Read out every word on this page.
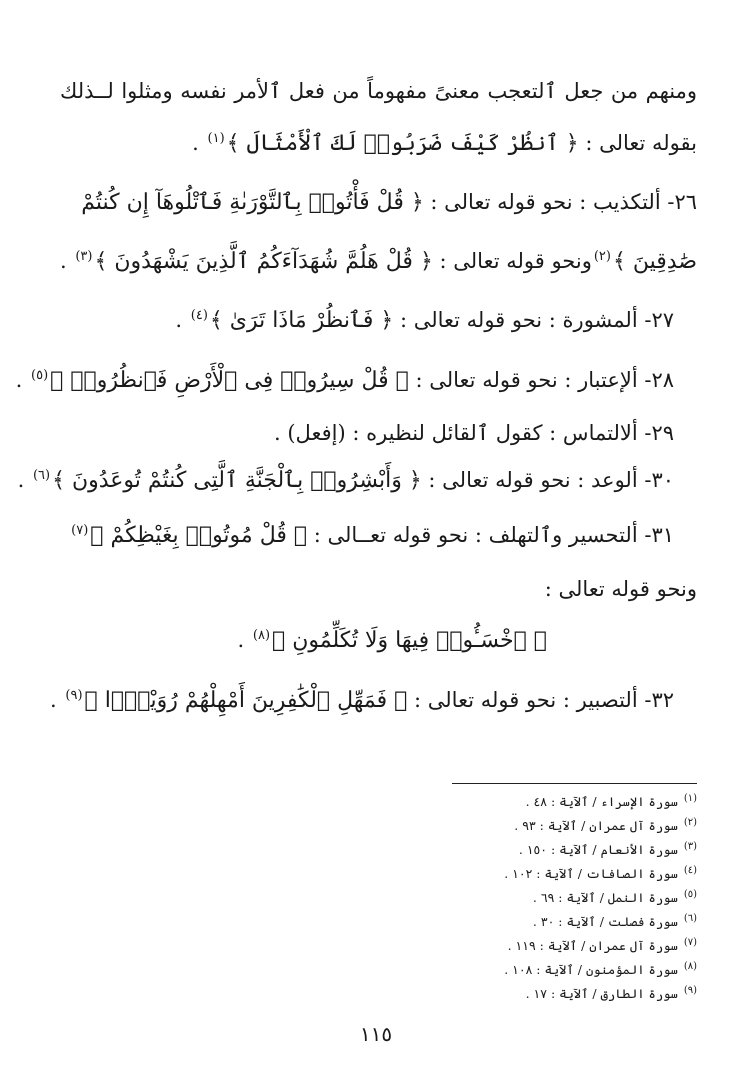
ومنهم من جعل ٱلتعجب معنىً مفهوماً من فعل ٱلأمر نفسه ومثلوا لــذلك
بقوله تعالى : ﴿ ٱنظُرْ كَيْفَ ضَرَبُوا۟ لَكَ ٱلْأَمْثَالَ ﴾$^{(١)}$ .
٢٦- ألتكذيب : نحو قوله تعالى : ﴿ قُلْ فَأْتُوا۟ بِٱلتَّوْرَىٰةِ فَٱتْلُوهَآ إِن كُنتُمْ
صَٰدِقِينَ ﴾$^{(٢)}$ونحو قوله تعالى : ﴿ قُلْ هَلُمَّ شُهَدَآءَكُمُ ٱلَّذِينَ يَشْهَدُونَ ﴾$^{(٣)}$ .
٢٧- ألمشورة : نحو قوله تعالى : ﴿ فَٱنظُرْ مَاذَا تَرَىٰ ﴾$^{(٤)}$ .
٢٨- ألإعتبار : نحو قوله تعالى : ﴿ قُلْ سِيرُوا۟ فِى ٱلْأَرْضِ فَٱنظُرُوا۟ ﴾$^{(٥)}$ .
٢٩- ألالتماس : كقول ٱلقائل لنظيره : (إفعل) .
٣٠- ألوعد : نحو قوله تعالى : ﴿ وَأَبْشِرُوا۟ بِٱلْجَنَّةِ ٱلَّتِى كُنتُمْ تُوعَدُونَ ﴾$^{(٦)}$ .
٣١- ألتحسير وٱلتهلف : نحو قوله تعــالى : ﴿ قُلْ مُوتُوا۟ بِغَيْظِكُمْ ﴾$^{(٧)}$
ونحو قوله تعالى :
﴿ ٱخْسَـُٔوا۟ فِيهَا وَلَا تُكَلِّمُونِ ﴾$^{(٨)}$ .
٣٢- ألتصبير : نحو قوله تعالى : ﴿ فَمَهِّلِ ٱلْكَٰفِرِينَ أَمْهِلْهُمْ رُوَيْدًۢا ﴾$^{(٩)}$ .
$^{(١)}$سورة الإسراء / ٱلآية : ٤٨ .
$^{(٢)}$سورة آل عمران / ٱلآية : ٩٣ .
$^{(٣)}$سورة الأنعام / ٱلآية : ١٥٠ .
$^{(٤)}$سورة الصافات / ٱلآية : ١٠٢ .
$^{(٥)}$سورة النمل / ٱلآية : ٦٩ .
$^{(٦)}$سورة فصلت / ٱلآية : ٣٠ .
$^{(٧)}$سورة آل عمران / ٱلآية : ١١٩ .
$^{(٨)}$سورة المؤمنون / ٱلآية : ١٠٨ .
$^{(٩)}$سورة الطارق / ٱلآية : ١٧ .
١١٥
